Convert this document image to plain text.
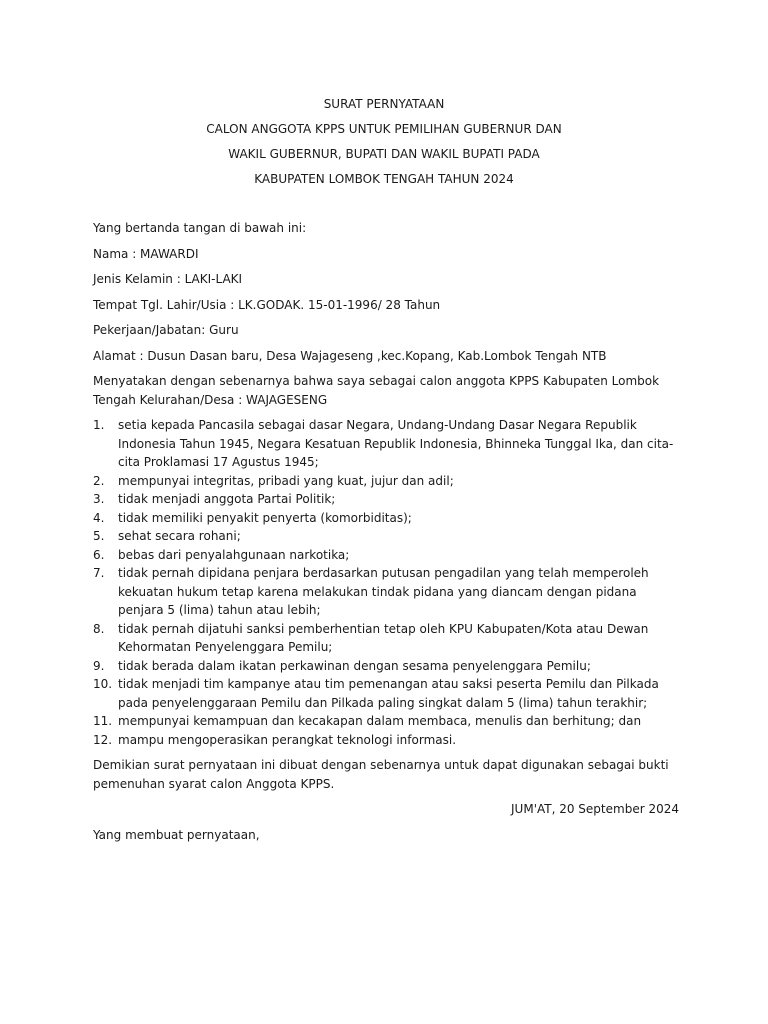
SURAT PERNYATAAN
CALON ANGGOTA KPPS UNTUK PEMILIHAN GUBERNUR DAN
WAKIL GUBERNUR, BUPATI DAN WAKIL BUPATI PADA
KABUPATEN LOMBOK TENGAH TAHUN 2024

Yang bertanda tangan di bawah ini:

Nama : MAWARDI

Jenis Kelamin : LAKI-LAKI

Tempat Tgl. Lahir/Usia : LK.GODAK. 15-01-1996/ 28 Tahun

Pekerjaan/Jabatan: Guru

Alamat : Dusun Dasan baru, Desa Wajageseng ,kec.Kopang, Kab.Lombok Tengah NTB

Menyatakan dengan sebenarnya bahwa saya sebagai calon anggota KPPS Kabupaten Lombok Tengah Kelurahan/Desa : WAJAGESENG

1. setia kepada Pancasila sebagai dasar Negara, Undang-Undang Dasar Negara Republik Indonesia Tahun 1945, Negara Kesatuan Republik Indonesia, Bhinneka Tunggal Ika, dan cita-cita Proklamasi 17 Agustus 1945;
2. mempunyai integritas, pribadi yang kuat, jujur dan adil;
3. tidak menjadi anggota Partai Politik;
4. tidak memiliki penyakit penyerta (komorbiditas);
5. sehat secara rohani;
6. bebas dari penyalahgunaan narkotika;
7. tidak pernah dipidana penjara berdasarkan putusan pengadilan yang telah memperoleh kekuatan hukum tetap karena melakukan tindak pidana yang diancam dengan pidana penjara 5 (lima) tahun atau lebih;
8. tidak pernah dijatuhi sanksi pemberhentian tetap oleh KPU Kabupaten/Kota atau Dewan Kehormatan Penyelenggara Pemilu;
9. tidak berada dalam ikatan perkawinan dengan sesama penyelenggara Pemilu;
10. tidak menjadi tim kampanye atau tim pemenangan atau saksi peserta Pemilu dan Pilkada pada penyelenggaraan Pemilu dan Pilkada paling singkat dalam 5 (lima) tahun terakhir;
11. mempunyai kemampuan dan kecakapan dalam membaca, menulis dan berhitung; dan
12. mampu mengoperasikan perangkat teknologi informasi.

Demikian surat pernyataan ini dibuat dengan sebenarnya untuk dapat digunakan sebagai bukti pemenuhan syarat calon Anggota KPPS.

JUM'AT, 20 September 2024

Yang membuat pernyataan,
